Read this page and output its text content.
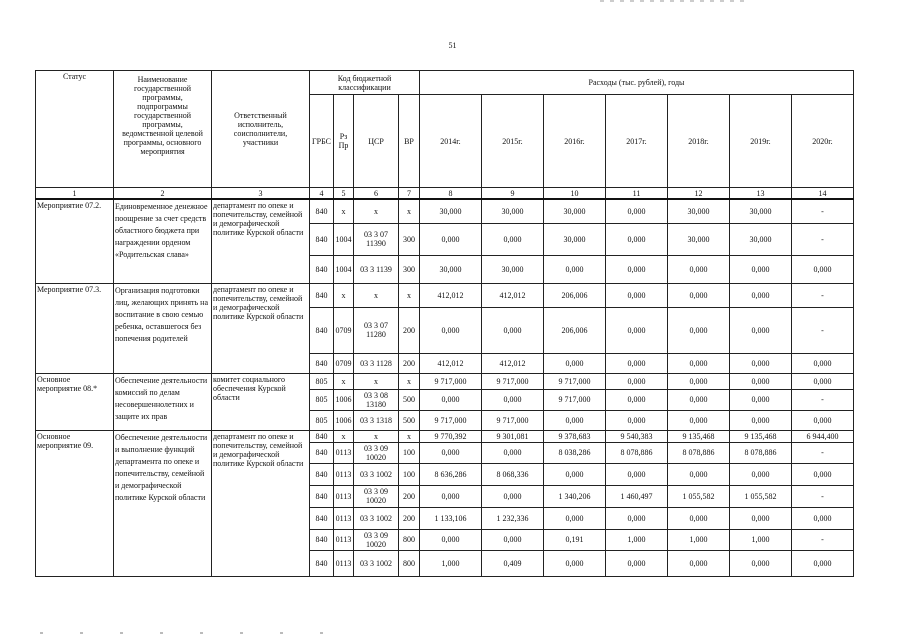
51
Статус	Наименование государственной программы, подпрограммы государственной программы, ведомственной целевой программы, основного мероприятия	Ответственный исполнитель, соисполнители, участники	Код бюджетной классификации				Расходы (тыс. рублей), годы						
			ГРБС	Рз Пр	ЦСР	ВР	2014г.	2015г.	2016г.	2017г.	2018г.	2019г.	2020г.
1	2	3	4	5	6	7	8	9	10	11	12	13	14
Мероприятие 07.2.	Единовременное денежное поощрение за счет средств областного бюджета при награждении орденом «Родительская слава»	департамент по опеке и попечительству, семейной и демографической политике Курской области	840	x	x	x	30,000	30,000	30,000	0,000	30,000	30,000	-
			840	1004	03 3 07 11390	300	0,000	0,000	30,000	0,000	30,000	30,000	-
			840	1004	03 3 1139	300	30,000	30,000	0,000	0,000	0,000	0,000	0,000
Мероприятие 07.3.	Организация подготовки лиц, желающих принять на воспитание в свою семью ребенка, оставшегося без попечения родителей	департамент по опеке и попечительству, семейной и демографической политике Курской области	840	x	x	x	412,012	412,012	206,006	0,000	0,000	0,000	-
			840	0709	03 3 07 11280	200	0,000	0,000	206,006	0,000	0,000	0,000	-
			840	0709	03 3 1128	200	412,012	412,012	0,000	0,000	0,000	0,000	0,000
Основное мероприятие 08.*	Обеспечение деятельности комиссий по делам несовершеннолетних и защите их прав	комитет социального обеспечения Курской области	805	x	x	x	9 717,000	9 717,000	9 717,000	0,000	0,000	0,000	0,000
			805	1006	03 3 08 13180	500	0,000	0,000	9 717,000	0,000	0,000	0,000	-
			805	1006	03 3 1318	500	9 717,000	9 717,000	0,000	0,000	0,000	0,000	0,000
Основное мероприятие 09.	Обеспечение деятельности и выполнение функций департамента по опеке и попечительству, семейной и демографической политике Курской области	департамент по опеке и попечительству, семейной и демографической политике Курской области	840	x	x	x	9 770,392	9 301,081	9 378,683	9 540,383	9 135,468	9 135,468	6 944,400
			840	0113	03 3 09 10020	100	0,000	0,000	8 038,286	8 078,886	8 078,886	8 078,886	-
			840	0113	03 3 1002	100	8 636,286	8 068,336	0,000	0,000	0,000	0,000	0,000
			840	0113	03 3 09 10020	200	0,000	0,000	1 340,206	1 460,497	1 055,582	1 055,582	-
			840	0113	03 3 1002	200	1 133,106	1 232,336	0,000	0,000	0,000	0,000	0,000
			840	0113	03 3 09 10020	800	0,000	0,000	0,191	1,000	1,000	1,000	-
			840	0113	03 3 1002	800	1,000	0,409	0,000	0,000	0,000	0,000	0,000
